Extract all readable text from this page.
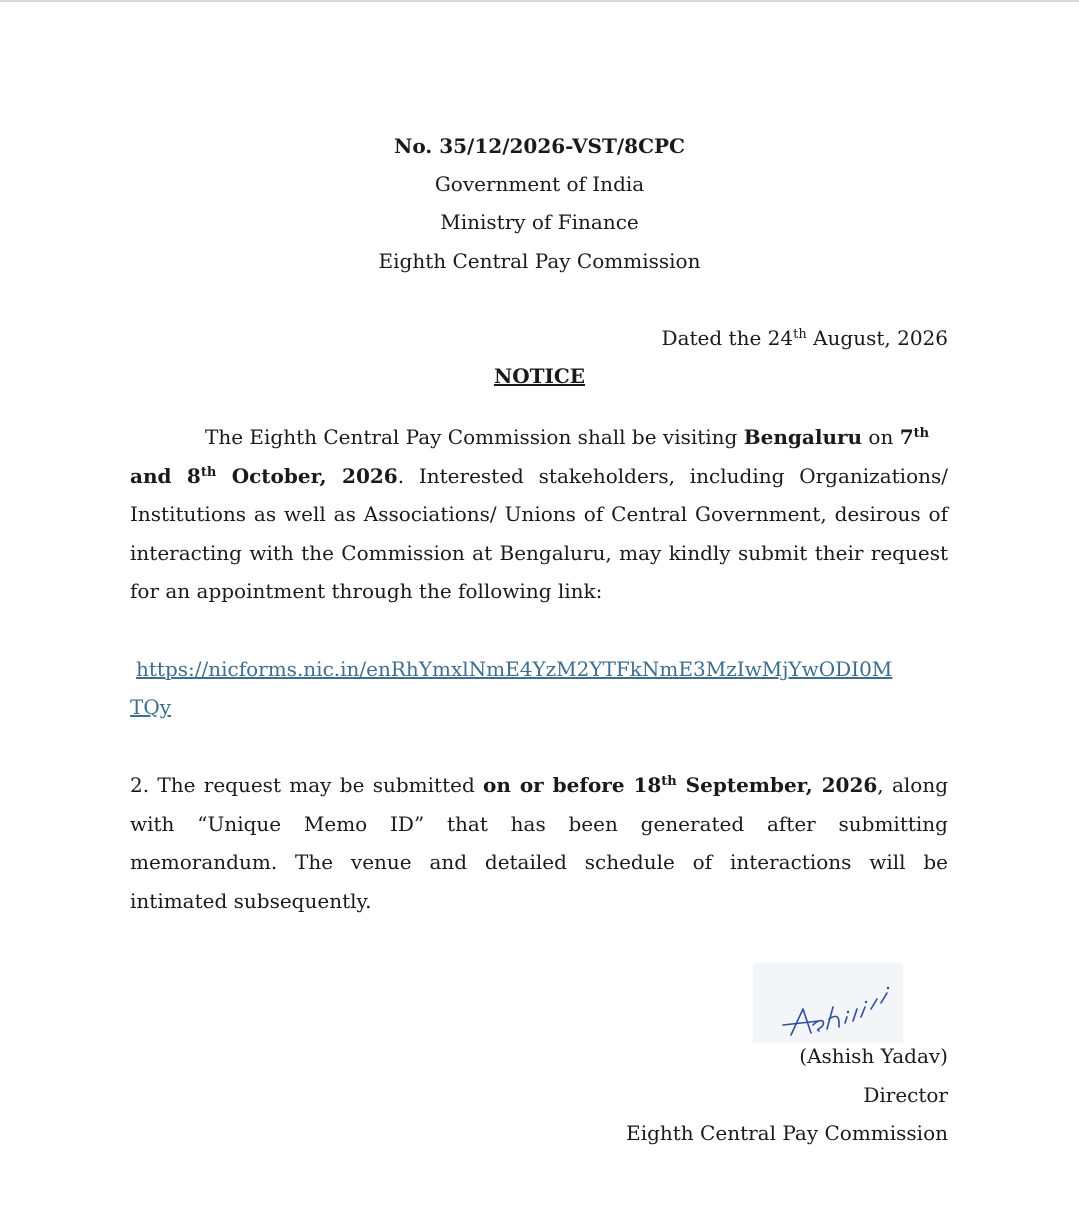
No. 35/12/2026-VST/8CPC
Government of India
Ministry of Finance
Eighth Central Pay Commission
Dated the 24th August, 2026
NOTICE
The Eighth Central Pay Commission shall be visiting Bengaluru on 7th
and 8th October, 2026. Interested stakeholders, including Organizations/ Institutions as well as Associations/ Unions of Central Government, desirous of interacting with the Commission at Bengaluru, may kindly submit their request for an appointment through the following link:
https://nicforms.nic.in/enRhYmxlNmE4YzM2YTFkNmE3MzIwMjYwODI0M
TQy
2. The request may be submitted on or before 18th September, 2026, along with “Unique Memo ID” that has been generated after submitting memorandum. The venue and detailed schedule of interactions will be intimated subsequently.
(Ashish Yadav)
Director
Eighth Central Pay Commission
